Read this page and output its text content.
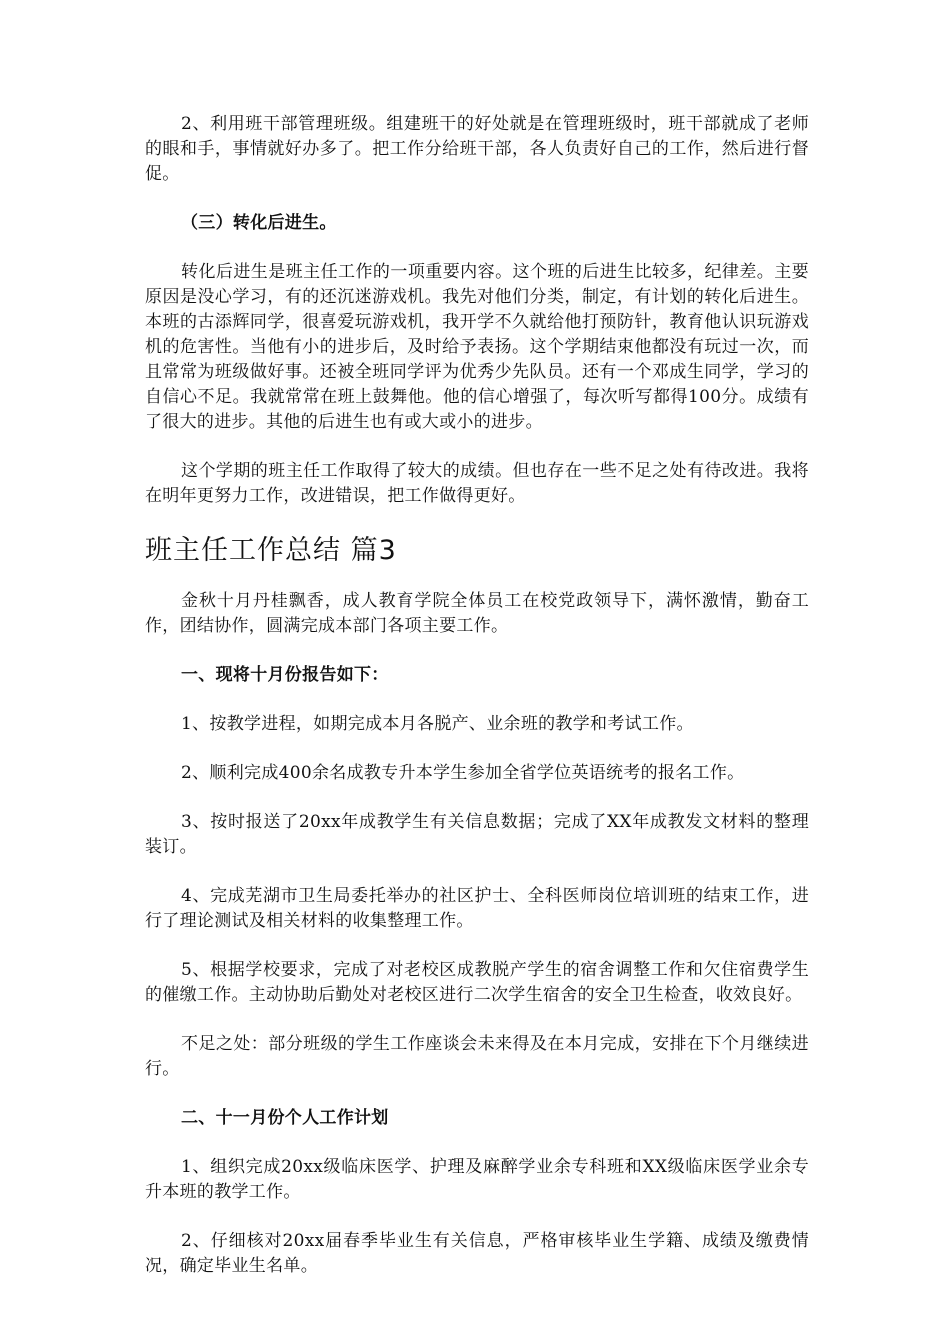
2、利用班干部管理班级。组建班干的好处就是在管理班级时，班干部就成了老师的眼和手，事情就好办多了。把工作分给班干部，各人负责好自己的工作，然后进行督促。

（三）转化后进生。

转化后进生是班主任工作的一项重要内容。这个班的后进生比较多，纪律差。主要原因是没心学习，有的还沉迷游戏机。我先对他们分类，制定，有计划的转化后进生。本班的古添辉同学，很喜爱玩游戏机，我开学不久就给他打预防针，教育他认识玩游戏机的危害性。当他有小的进步后，及时给予表扬。这个学期结束他都没有玩过一次，而且常常为班级做好事。还被全班同学评为优秀少先队员。还有一个邓成生同学，学习的自信心不足。我就常常在班上鼓舞他。他的信心增强了，每次听写都得100分。成绩有了很大的进步。其他的后进生也有或大或小的进步。

这个学期的班主任工作取得了较大的成绩。但也存在一些不足之处有待改进。我将在明年更努力工作，改进错误，把工作做得更好。

班主任工作总结 篇3

金秋十月丹桂飘香，成人教育学院全体员工在校党政领导下，满怀激情，勤奋工作，团结协作，圆满完成本部门各项主要工作。

一、现将十月份报告如下：

1、按教学进程，如期完成本月各脱产、业余班的教学和考试工作。

2、顺利完成400余名成教专升本学生参加全省学位英语统考的报名工作。

3、按时报送了20xx年成教学生有关信息数据；完成了XX年成教发文材料的整理装订。

4、完成芜湖市卫生局委托举办的社区护士、全科医师岗位培训班的结束工作，进行了理论测试及相关材料的收集整理工作。

5、根据学校要求，完成了对老校区成教脱产学生的宿舍调整工作和欠住宿费学生的催缴工作。主动协助后勤处对老校区进行二次学生宿舍的安全卫生检查，收效良好。

不足之处：部分班级的学生工作座谈会未来得及在本月完成，安排在下个月继续进行。

二、十一月份个人工作计划

1、组织完成20xx级临床医学、护理及麻醉学业余专科班和XX级临床医学业余专升本班的教学工作。

2、仔细核对20xx届春季毕业生有关信息，严格审核毕业生学籍、成绩及缴费情况，确定毕业生名单。
